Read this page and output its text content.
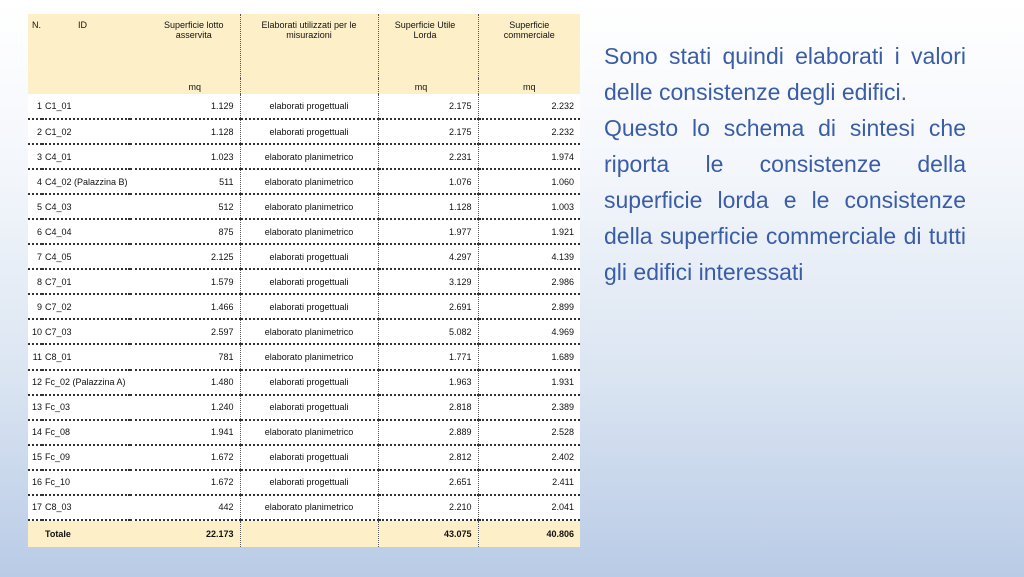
N.	ID	Superficie lotto asservita	Elaborati utilizzati per le misurazioni	Superficie Utile Lorda	Superficie commerciale
		mq		mq	mq
1	C1_01	1.129	elaborati progettuali	2.175	2.232
2	C1_02	1.128	elaborati progettuali	2.175	2.232
3	C4_01	1.023	elaborato planimetrico	2.231	1.974
4	C4_02 (Palazzina B)	511	elaborato planimetrico	1.076	1.060
5	C4_03	512	elaborato planimetrico	1.128	1.003
6	C4_04	875	elaborato planimetrico	1.977	1.921
7	C4_05	2.125	elaborati progettuali	4.297	4.139
8	C7_01	1.579	elaborati progettuali	3.129	2.986
9	C7_02	1.466	elaborati progettuali	2.691	2.899
10	C7_03	2.597	elaborato planimetrico	5.082	4.969
11	C8_01	781	elaborato planimetrico	1.771	1.689
12	Fc_02 (Palazzina A)	1.480	elaborati progettuali	1.963	1.931
13	Fc_03	1.240	elaborati progettuali	2.818	2.389
14	Fc_08	1.941	elaborato planimetrico	2.889	2.528
15	Fc_09	1.672	elaborati progettuali	2.812	2.402
16	Fc_10	1.672	elaborati progettuali	2.651	2.411
17	C8_03	442	elaborato planimetrico	2.210	2.041
	Totale	22.173		43.075	40.806

Sono stati quindi elaborati i valori delle consistenze degli edifici.

Questo lo schema di sintesi che riporta le consistenze della superficie lorda e le consistenze della superficie commerciale di tutti gli edifici interessati
